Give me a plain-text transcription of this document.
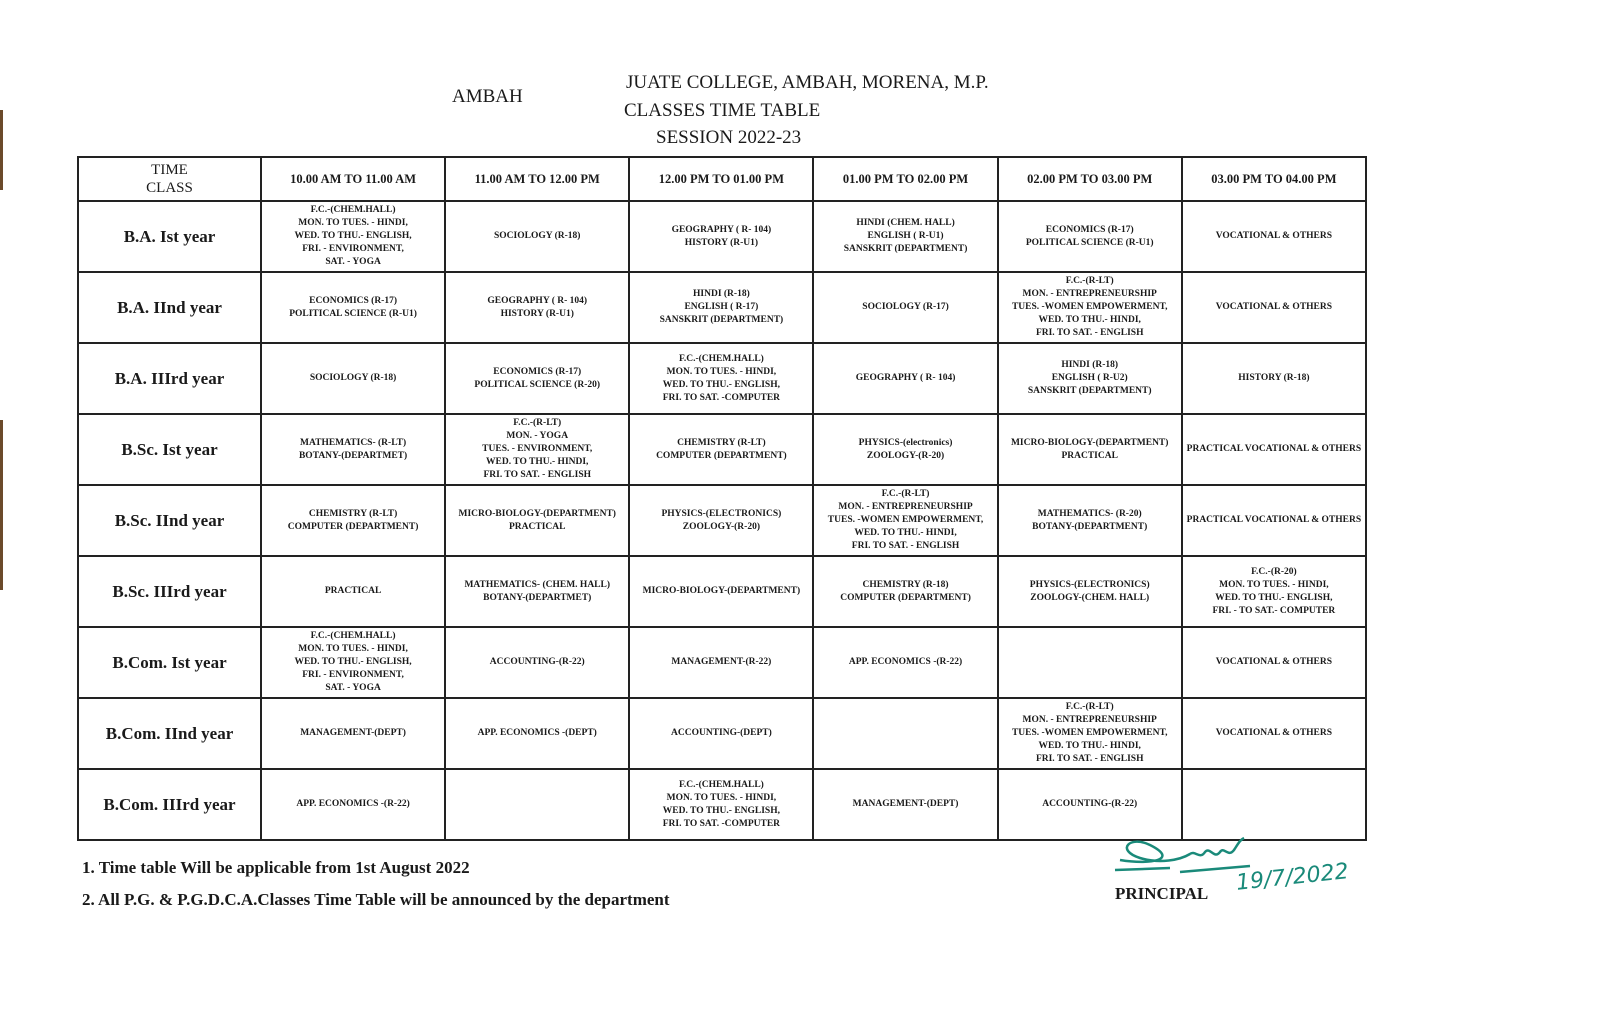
AMBAH
JUATE COLLEGE, AMBAH, MORENA, M.P.
CLASSES TIME TABLE
SESSION 2022-23
TIME
CLASS	10.00 AM TO 11.00 AM	11.00 AM TO 12.00 PM	12.00 PM TO 01.00 PM	01.00 PM TO 02.00 PM	02.00 PM TO 03.00 PM	03.00 PM TO 04.00 PM
B.A. Ist year	F.C.-(CHEM.HALL)
MON. TO TUES. - HINDI,
WED. TO THU.- ENGLISH,
FRI. - ENVIRONMENT,
SAT. - YOGA	SOCIOLOGY (R-18)	GEOGRAPHY ( R- 104)
HISTORY (R-U1)	HINDI (CHEM. HALL)
ENGLISH ( R-U1)
SANSKRIT (DEPARTMENT)	ECONOMICS (R-17)
POLITICAL SCIENCE (R-U1)	VOCATIONAL & OTHERS
B.A. IInd year	ECONOMICS (R-17)
POLITICAL SCIENCE (R-U1)	GEOGRAPHY ( R- 104)
HISTORY (R-U1)	HINDI (R-18)
ENGLISH ( R-17)
SANSKRIT (DEPARTMENT)	SOCIOLOGY (R-17)	F.C.-(R-LT)
MON. - ENTREPRENEURSHIP
TUES. -WOMEN EMPOWERMENT,
WED. TO THU.- HINDI,
FRI. TO SAT. - ENGLISH	VOCATIONAL & OTHERS
B.A. IIIrd year	SOCIOLOGY (R-18)	ECONOMICS (R-17)
POLITICAL SCIENCE (R-20)	F.C.-(CHEM.HALL)
MON. TO TUES. - HINDI,
WED. TO THU.- ENGLISH,
FRI. TO SAT. -COMPUTER	GEOGRAPHY ( R- 104)	HINDI (R-18)
ENGLISH ( R-U2)
SANSKRIT (DEPARTMENT)	HISTORY (R-18)
B.Sc. Ist year	MATHEMATICS- (R-LT)
BOTANY-(DEPARTMET)	F.C.-(R-LT)
MON. - YOGA
TUES. - ENVIRONMENT,
WED. TO THU.- HINDI,
FRI. TO SAT. - ENGLISH	CHEMISTRY (R-LT)
COMPUTER (DEPARTMENT)	PHYSICS-(electronics)
ZOOLOGY-(R-20)	MICRO-BIOLOGY-(DEPARTMENT)
PRACTICAL	PRACTICAL VOCATIONAL & OTHERS
B.Sc. IInd year	CHEMISTRY (R-LT)
COMPUTER (DEPARTMENT)	MICRO-BIOLOGY-(DEPARTMENT)
PRACTICAL	PHYSICS-(ELECTRONICS)
ZOOLOGY-(R-20)	F.C.-(R-LT)
MON. - ENTREPRENEURSHIP
TUES. -WOMEN EMPOWERMENT,
WED. TO THU.- HINDI,
FRI. TO SAT. - ENGLISH	MATHEMATICS- (R-20)
BOTANY-(DEPARTMENT)	PRACTICAL VOCATIONAL & OTHERS
B.Sc. IIIrd year	PRACTICAL	MATHEMATICS- (CHEM. HALL)
BOTANY-(DEPARTMET)	MICRO-BIOLOGY-(DEPARTMENT)	CHEMISTRY (R-18)
COMPUTER (DEPARTMENT)	PHYSICS-(ELECTRONICS)
ZOOLOGY-(CHEM. HALL)	F.C.-(R-20)
MON. TO TUES. - HINDI,
WED. TO THU.- ENGLISH,
FRI. - TO SAT.- COMPUTER
B.Com. Ist year	F.C.-(CHEM.HALL)
MON. TO TUES. - HINDI,
WED. TO THU.- ENGLISH,
FRI. - ENVIRONMENT,
SAT. - YOGA	ACCOUNTING-(R-22)	MANAGEMENT-(R-22)	APP. ECONOMICS -(R-22)		VOCATIONAL & OTHERS
B.Com. IInd year	MANAGEMENT-(DEPT)	APP. ECONOMICS -(DEPT)	ACCOUNTING-(DEPT)		F.C.-(R-LT)
MON. - ENTREPRENEURSHIP
TUES. -WOMEN EMPOWERMENT,
WED. TO THU.- HINDI,
FRI. TO SAT. - ENGLISH	VOCATIONAL & OTHERS
B.Com. IIIrd year	APP. ECONOMICS -(R-22)		F.C.-(CHEM.HALL)
MON. TO TUES. - HINDI,
WED. TO THU.- ENGLISH,
FRI. TO SAT. -COMPUTER	MANAGEMENT-(DEPT)	ACCOUNTING-(R-22)	
1. Time table Will be applicable from 1st August 2022
2. All P.G. & P.G.D.C.A.Classes Time Table will be announced by the department	PRINCIPAL 19/7/2022
